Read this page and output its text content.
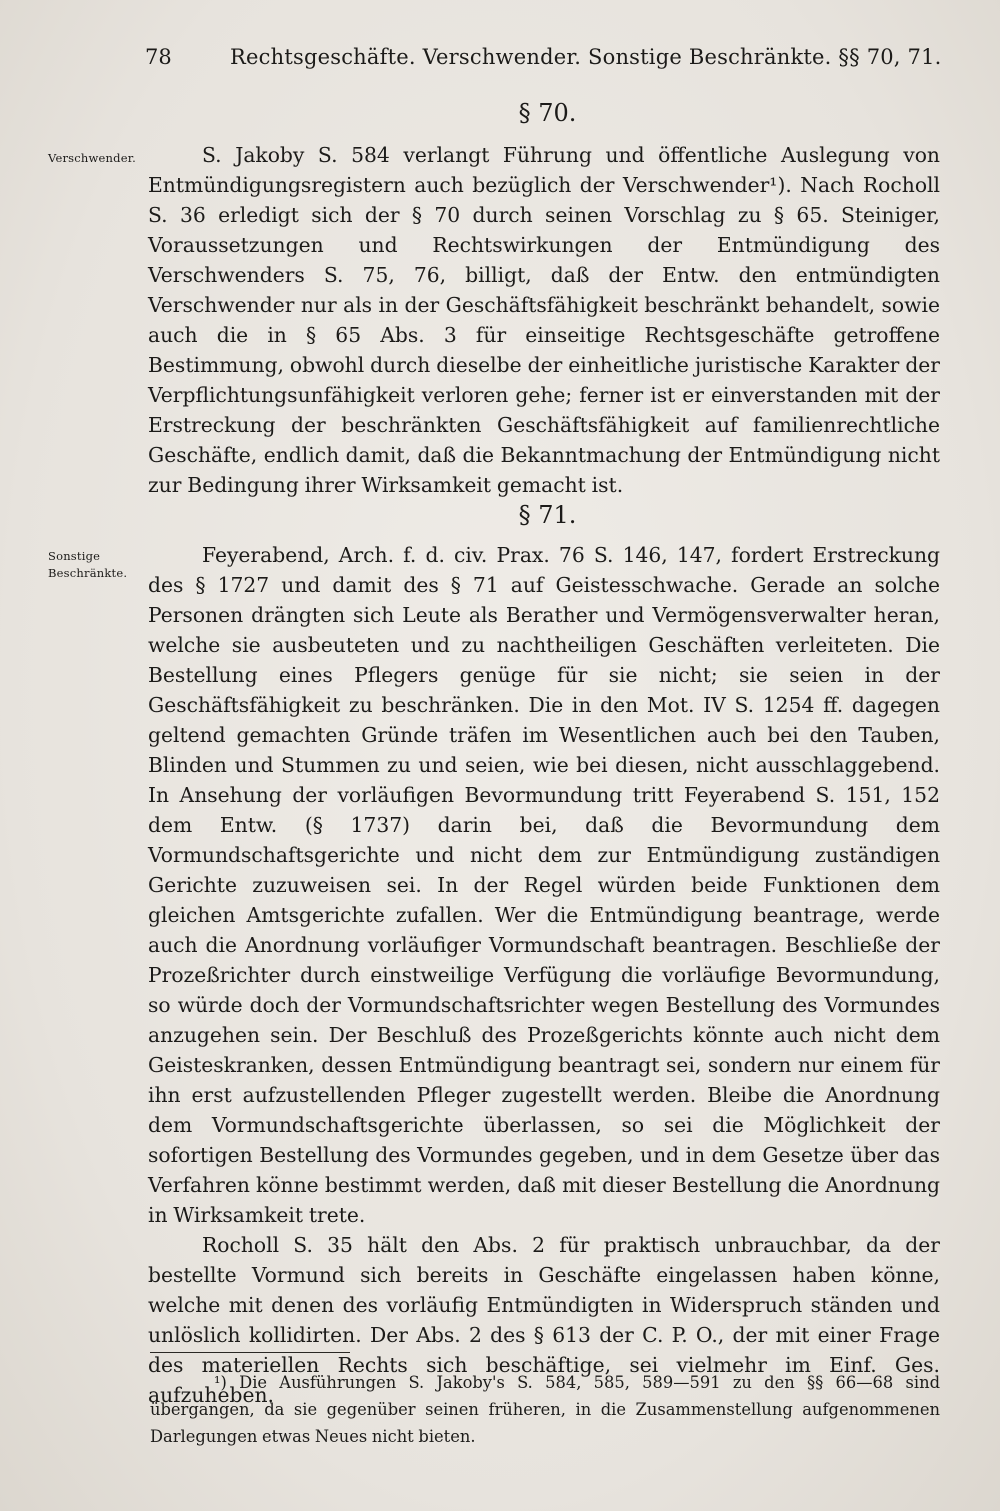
78	Rechtsgeschäfte. Verschwender. Sonstige Beschränkte. §§ 70, 71.
§ 70.
Verschwender.	S. Jakoby S. 584 verlangt Führung und öffentliche Auslegung von Entmündigungsregistern auch bezüglich der Verschwender¹). Nach Rocholl S. 36 erledigt sich der § 70 durch seinen Vorschlag zu § 65. Steiniger, Voraussetzungen und Rechtswirkungen der Entmündigung des Verschwenders S. 75, 76, billigt, daß der Entw. den entmündigten Verschwender nur als in der Geschäftsfähigkeit beschränkt behandelt, sowie auch die in § 65 Abs. 3 für einseitige Rechtsgeschäfte getroffene Bestimmung, obwohl durch dieselbe der einheitliche juristische Karakter der Verpflichtungsunfähigkeit verloren gehe; ferner ist er einverstanden mit der Erstreckung der beschränkten Geschäftsfähigkeit auf familienrechtliche Geschäfte, endlich damit, daß die Bekanntmachung der Entmündigung nicht zur Bedingung ihrer Wirksamkeit gemacht ist.

§ 71.
Sonstige Beschränkte.

Feyerabend, Arch. f. d. civ. Prax. 76 S. 146, 147, fordert Erstreckung des § 1727 und damit des § 71 auf Geistesschwache. Gerade an solche Personen drängten sich Leute als Berather und Vermögensverwalter heran, welche sie ausbeuteten und zu nachtheiligen Geschäften verleiteten. Die Bestellung eines Pflegers genüge für sie nicht; sie seien in der Geschäftsfähigkeit zu beschränken. Die in den Mot. IV S. 1254 ff. dagegen geltend gemachten Gründe träfen im Wesentlichen auch bei den Tauben, Blinden und Stummen zu und seien, wie bei diesen, nicht ausschlaggebend. In Ansehung der vorläufigen Bevormundung tritt Feyerabend S. 151, 152 dem Entw. (§ 1737) darin bei, daß die Bevormundung dem Vormundschaftsgerichte und nicht dem zur Entmündigung zuständigen Gerichte zuzuweisen sei. In der Regel würden beide Funktionen dem gleichen Amtsgerichte zufallen. Wer die Entmündigung beantrage, werde auch die Anordnung vorläufiger Vormundschaft beantragen. Beschließe der Prozeßrichter durch einstweilige Verfügung die vorläufige Bevormundung, so würde doch der Vormundschaftsrichter wegen Bestellung des Vormundes anzugehen sein. Der Beschluß des Prozeßgerichts könnte auch nicht dem Geisteskranken, dessen Entmündigung beantragt sei, sondern nur einem für ihn erst aufzustellenden Pfleger zugestellt werden. Bleibe die Anordnung dem Vormundschaftsgerichte überlassen, so sei die Möglichkeit der sofortigen Bestellung des Vormundes gegeben, und in dem Gesetze über das Verfahren könne bestimmt werden, daß mit dieser Bestellung die Anordnung in Wirksamkeit trete.

Rocholl S. 35 hält den Abs. 2 für praktisch unbrauchbar, da der bestellte Vormund sich bereits in Geschäfte eingelassen haben könne, welche mit denen des vorläufig Entmündigten in Widerspruch ständen und unlöslich kollidirten. Der Abs. 2 des § 613 der C. P. O., der mit einer Frage des materiellen Rechts sich beschäftige, sei vielmehr im Einf. Ges. aufzuheben.

¹) Die Ausführungen S. Jakoby's S. 584, 585, 589—591 zu den §§ 66—68 sind übergangen, da sie gegenüber seinen früheren, in die Zusammenstellung aufgenommenen Darlegungen etwas Neues nicht bieten.
